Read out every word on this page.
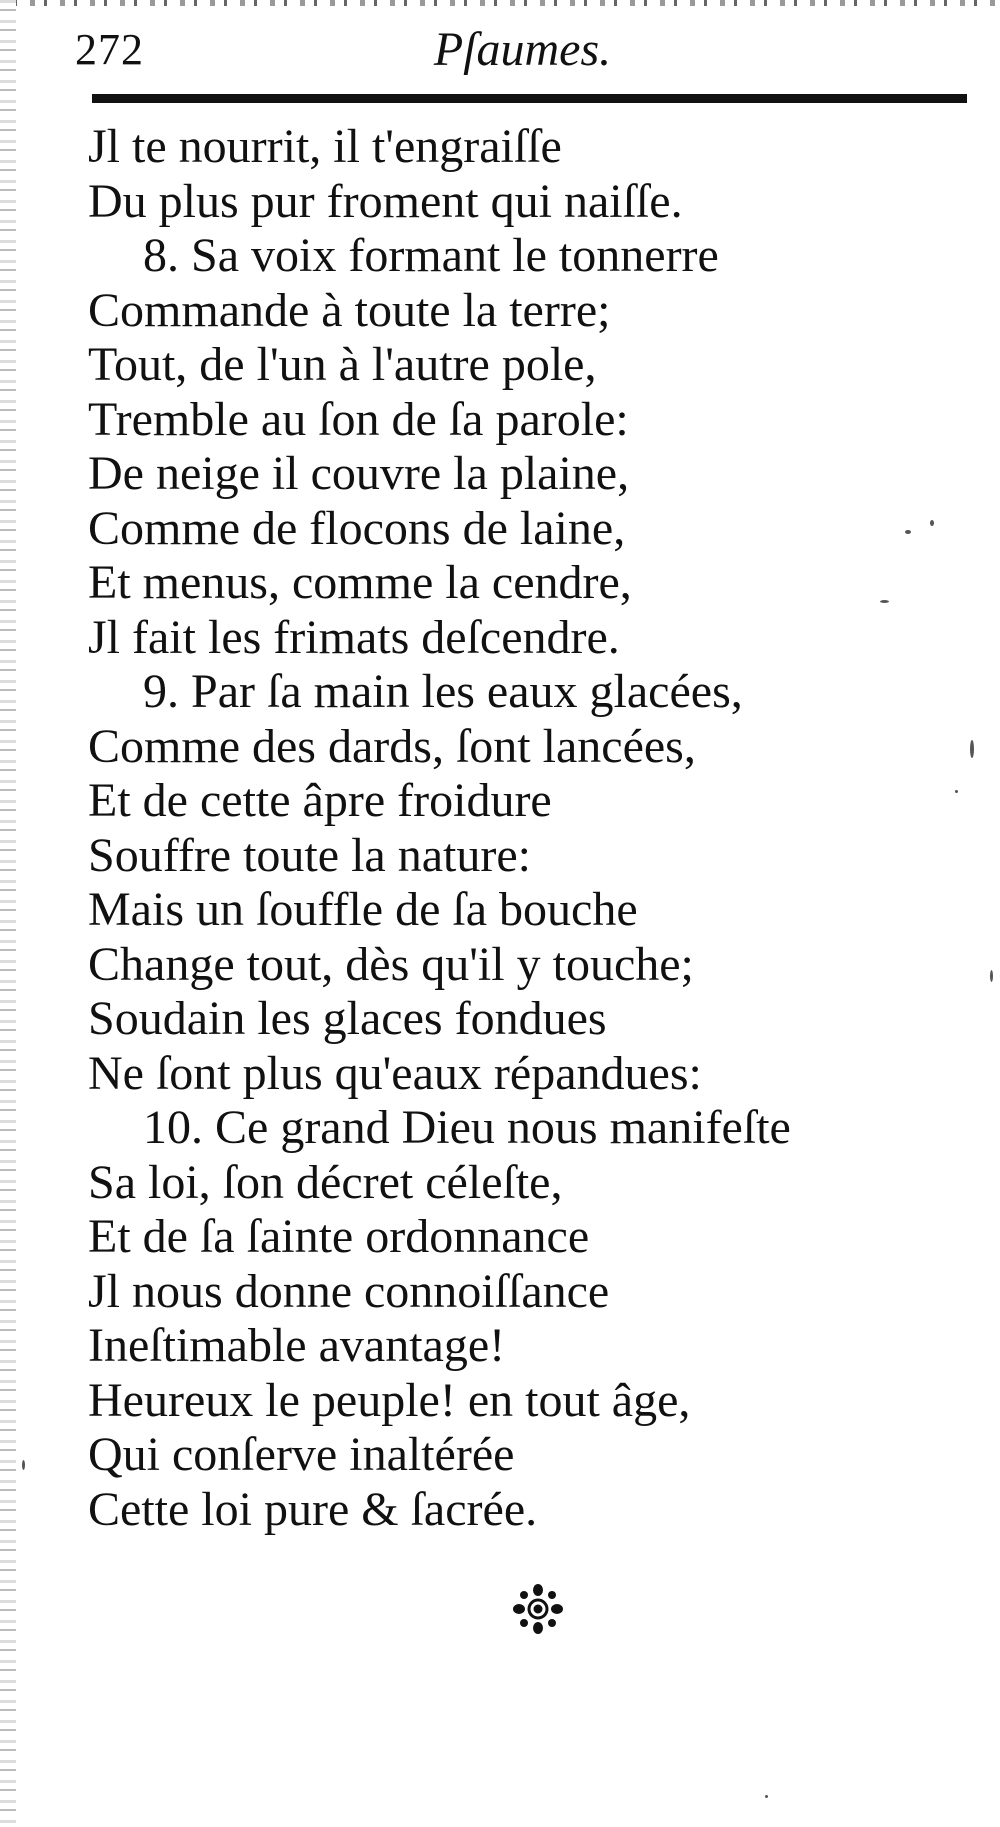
272	Pſaumes.
Jl te nourrit, il t'engraiſſe
Du plus pur froment qui naiſſe.
8. Sa voix formant le tonnerre
Commande à toute la terre;
Tout, de l'un à l'autre pole,
Tremble au ſon de ſa parole:
De neige il couvre la plaine,
Comme de flocons de laine,
Et menus, comme la cendre,
Jl fait les frimats deſcendre.
9. Par ſa main les eaux glacées,
Comme des dards, ſont lancées,
Et de cette âpre froidure
Souffre toute la nature:
Mais un ſouffle de ſa bouche
Change tout, dès qu'il y touche;
Soudain les glaces fondues
Ne ſont plus qu'eaux répandues:
10. Ce grand Dieu nous manifeſte
Sa loi, ſon décret céleſte,
Et de ſa ſainte ordonnance
Jl nous donne connoiſſance
Ineſtimable avantage!
Heureux le peuple! en tout âge,
Qui conſerve inaltérée
Cette loi pure & ſacrée.
